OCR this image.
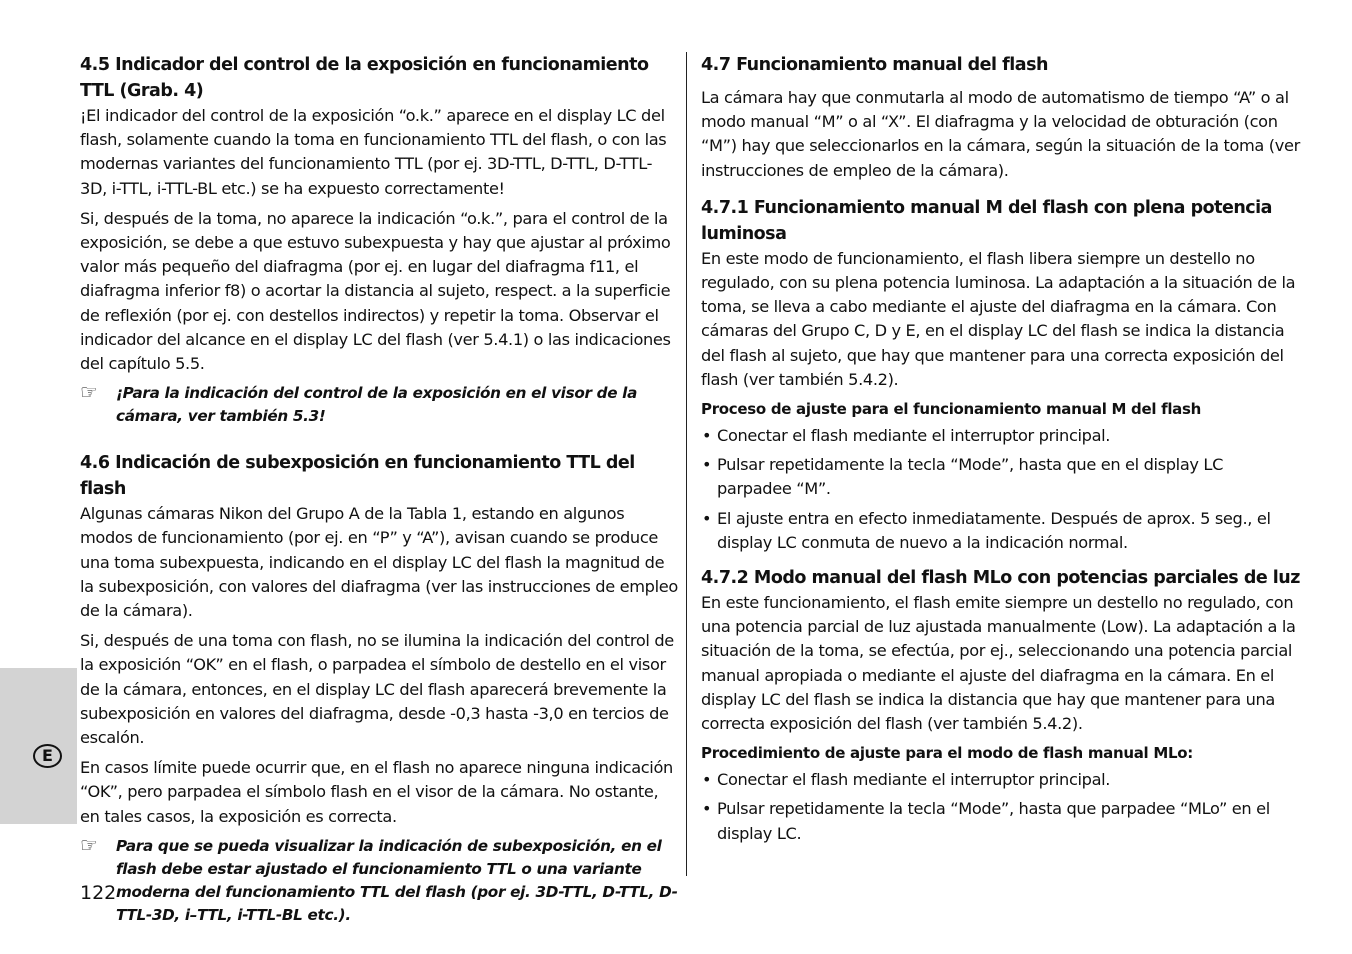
E
4.5 Indicador del control de la exposición en funcionamiento TTL (Grab. 4)

¡El indicador del control de la exposición “o.k.” aparece en el display LC del flash, solamente cuando la toma en funcionamiento TTL del flash, o con las modernas variantes del funcionamiento TTL (por ej. 3D-TTL, D-TTL, D-TTL-3D, i-TTL, i-TTL-BL etc.) se ha expuesto correctamente!

Si, después de la toma, no aparece la indicación “o.k.”, para el control de la exposición, se debe a que estuvo subexpuesta y hay que ajustar al próximo valor más pequeño del diafragma (por ej. en lugar del diafragma f11, el diafragma inferior f8) o acortar la distancia al sujeto, respect. a la superficie de reflexión (por ej. con destellos indirectos) y repetir la toma. Observar el indicador del alcance en el display LC del flash (ver 5.4.1) o las indicaciones del capítulo 5.5.

☞	¡Para la indicación del control de la exposición en el visor de la cámara, ver también 5.3!
4.6 Indicación de subexposición en funcionamiento TTL del flash

Algunas cámaras Nikon del Grupo A de la Tabla 1, estando en algunos modos de funcionamiento (por ej. en “P” y “A”), avisan cuando se produce una toma subexpuesta, indicando en el display LC del flash la magnitud de la subexposición, con valores del diafragma (ver las instrucciones de empleo de la cámara).

Si, después de una toma con flash, no se ilumina la indicación del control de la exposición “OK” en el flash, o parpadea el símbolo de destello en el visor de la cámara, entonces, en el display LC del flash aparecerá brevemente la subexposición en valores del diafragma, desde -0,3 hasta -3,0 en tercios de escalón.

En casos límite puede ocurrir que, en el flash no aparece ninguna indicación “OK”, pero parpadea el símbolo flash en el visor de la cámara. No ostante, en tales casos, la exposición es correcta.

☞	Para que se pueda visualizar la indicación de subexposición, en el flash debe estar ajustado el funcionamiento TTL o una variante moderna del funcionamiento TTL del flash (por ej. 3D-TTL, D-TTL, D-TTL-3D, i–TTL, i-TTL-BL etc.).
4.7 Funcionamiento manual del flash

La cámara hay que conmutarla al modo de automatismo de tiempo “A” o al modo manual “M” o al “X”. El diafragma y la velocidad de obturación (con “M”) hay que seleccionarlos en la cámara, según la situación de la toma (ver instrucciones de empleo de la cámara).

4.7.1 Funcionamiento manual M del flash con plena potencia luminosa

En este modo de funcionamiento, el flash libera siempre un destello no regulado, con su plena potencia luminosa. La adaptación a la situación de la toma, se lleva a cabo mediante el ajuste del diafragma en la cámara. Con cámaras del Grupo C, D y E, en el display LC del flash se indica la distancia del flash al sujeto, que hay que mantener para una correcta exposición del flash (ver también 5.4.2).

Proceso de ajuste para el funcionamiento manual M del flash
• Conectar el flash mediante el interruptor principal.
• Pulsar repetidamente la tecla “Mode”, hasta que en el display LC parpadee “M”.
• El ajuste entra en efecto inmediatamente. Después de aprox. 5 seg., el display LC conmuta de nuevo a la indicación normal.
4.7.2 Modo manual del flash MLo con potencias parciales de luz

En este funcionamiento, el flash emite siempre un destello no regulado, con una potencia parcial de luz ajustada manualmente (Low). La adaptación a la situación de la toma, se efectúa, por ej., seleccionando una potencia parcial manual apropiada o mediante el ajuste del diafragma en la cámara. En el display LC del flash se indica la distancia que hay que mantener para una correcta exposición del flash (ver también 5.4.2).

Procedimiento de ajuste para el modo de flash manual MLo:
• Conectar el flash mediante el interruptor principal.
• Pulsar repetidamente la tecla “Mode”, hasta que parpadee “MLo” en el display LC.
122
